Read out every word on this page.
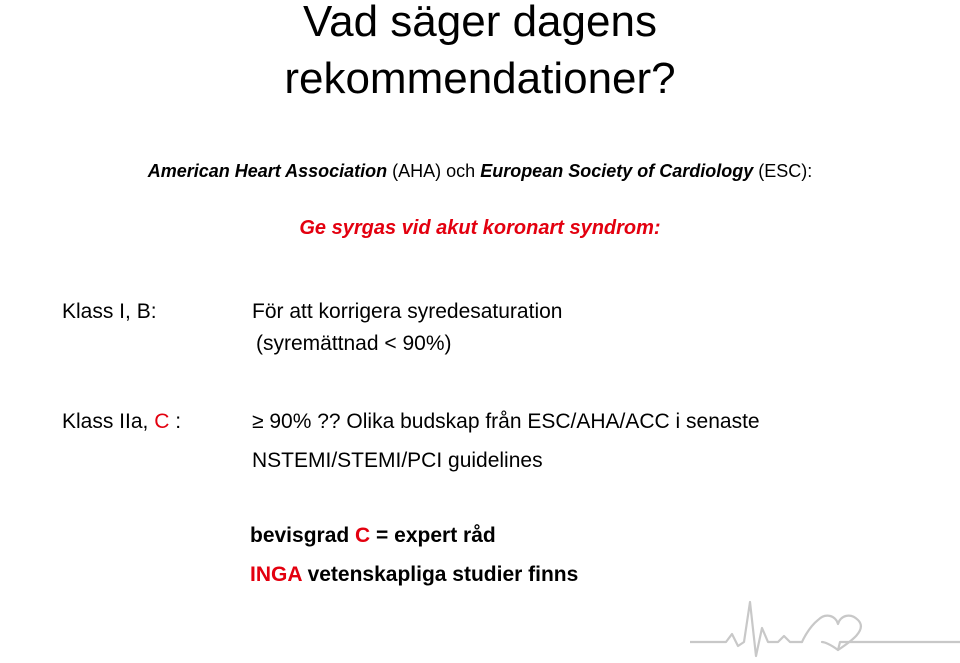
Vad säger dagens
rekommendationer?
American Heart Association (AHA) och European Society of Cardiology (ESC):
Ge syrgas vid akut koronart syndrom:
Klass I, B:	För att korrigera syredesaturation
(syremättnad < 90%)
Klass IIa, C :	≥ 90% ?? Olika budskap från ESC/AHA/ACC i senaste
NSTEMI/STEMI/PCI guidelines
bevisgrad C = expert råd
INGA vetenskapliga studier finns
